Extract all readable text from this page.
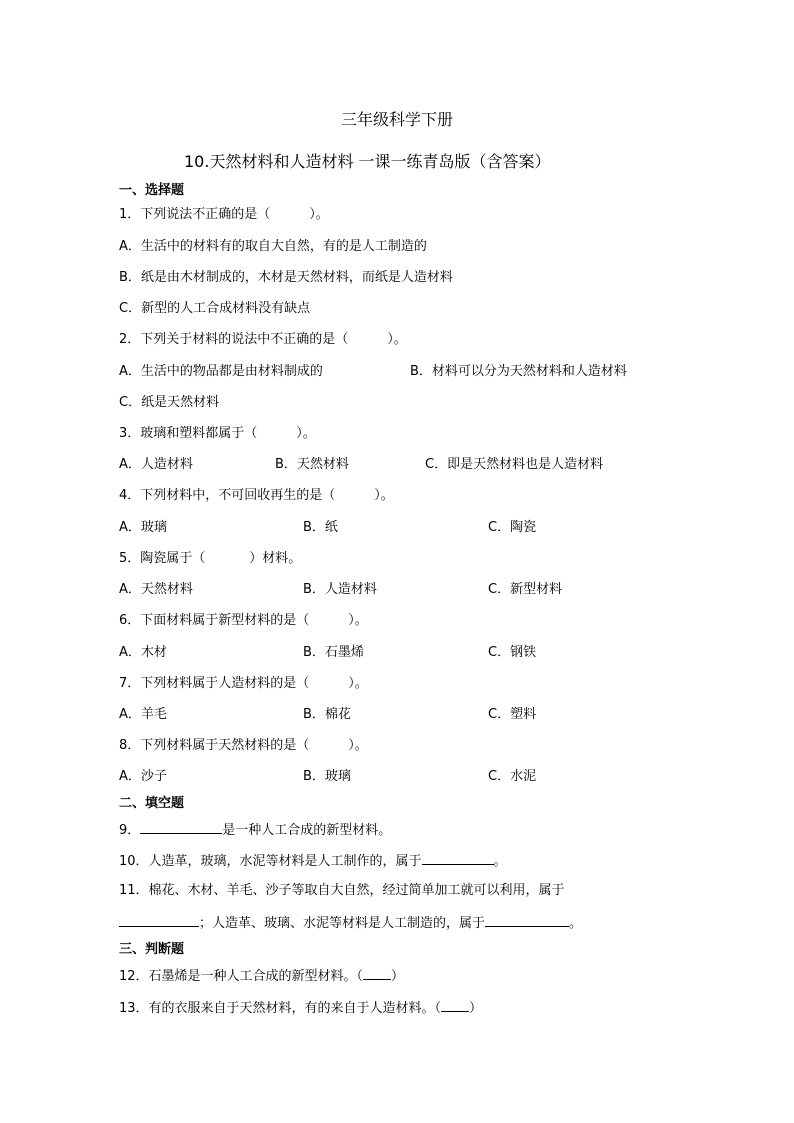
三年级科学下册
10.天然材料和人造材料 一课一练青岛版（含答案）
一、选择题
1．下列说法不正确的是（　　　）。
A．生活中的材料有的取自大自然，有的是人工制造的
B．纸是由木材制成的，木材是天然材料，而纸是人造材料
C．新型的人工合成材料没有缺点
2．下列关于材料的说法中不正确的是（　　　）。
A．生活中的物品都是由材料制成的	B．材料可以分为天然材料和人造材料
C．纸是天然材料
3．玻璃和塑料都属于（　　　）。
A．人造材料	B．天然材料	C．即是天然材料也是人造材料
4．下列材料中，不可回收再生的是（　　　）。
A．玻璃	B．纸	C．陶瓷
5．陶瓷属于（	）材料。
A．天然材料	B．人造材料	C．新型材料
6．下面材料属于新型材料的是（　　　）。
A．木材	B．石墨烯	C．钢铁
7．下列材料属于人造材料的是（　　　）。
A．羊毛	B．棉花	C．塑料
8．下列材料属于天然材料的是（　　　）。
A．沙子	B．玻璃	C．水泥
二、填空题
9．	是一种人工合成的新型材料。
10．人造革，玻璃，水泥等材料是人工制作的，属于	。
11．棉花、木材、羊毛、沙子等取自大自然，经过简单加工就可以利用，属于
；人造革、玻璃、水泥等材料是人工制造的，属于	。
三、判断题
12．石墨烯是一种人工合成的新型材料。（ ）
13．有的衣服来自于天然材料，有的来自于人造材料。（ ）
